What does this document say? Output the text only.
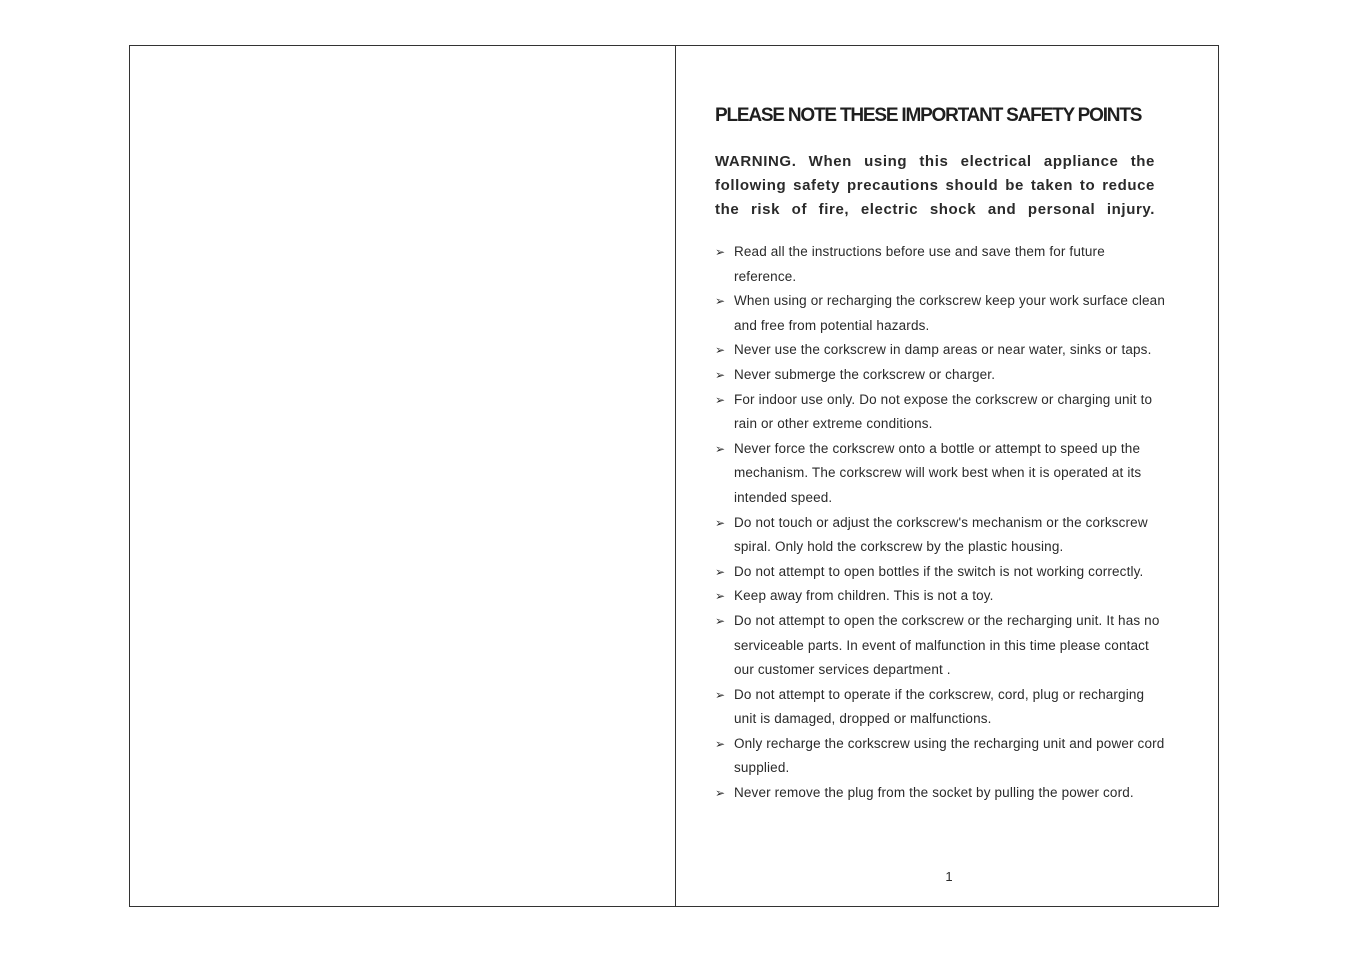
PLEASE NOTE THESE IMPORTANT SAFETY POINTS

WARNING. When using this electrical appliance the
following safety precautions should be taken to reduce
the risk of fire, electric shock and personal injury.

➢ Read all the instructions before use and save them for future reference.
➢ When using or recharging the corkscrew keep your work surface clean and free from potential hazards.
➢ Never use the corkscrew in damp areas or near water, sinks or taps.
➢ Never submerge the corkscrew or charger.
➢ For indoor use only. Do not expose the corkscrew or charging unit to rain or other extreme conditions.
➢ Never force the corkscrew onto a bottle or attempt to speed up the mechanism. The corkscrew will work best when it is operated at its intended speed.
➢ Do not touch or adjust the corkscrew's mechanism or the corkscrew spiral. Only hold the corkscrew by the plastic housing.
➢ Do not attempt to open bottles if the switch is not working correctly.
➢ Keep away from children. This is not a toy.
➢ Do not attempt to open the corkscrew or the recharging unit. It has no serviceable parts. In event of malfunction in this time please contact our customer services department .
➢ Do not attempt to operate if the corkscrew, cord, plug or recharging unit is damaged, dropped or malfunctions.
➢ Only recharge the corkscrew using the recharging unit and power cord supplied.
➢ Never remove the plug from the socket by pulling the power cord.
1
